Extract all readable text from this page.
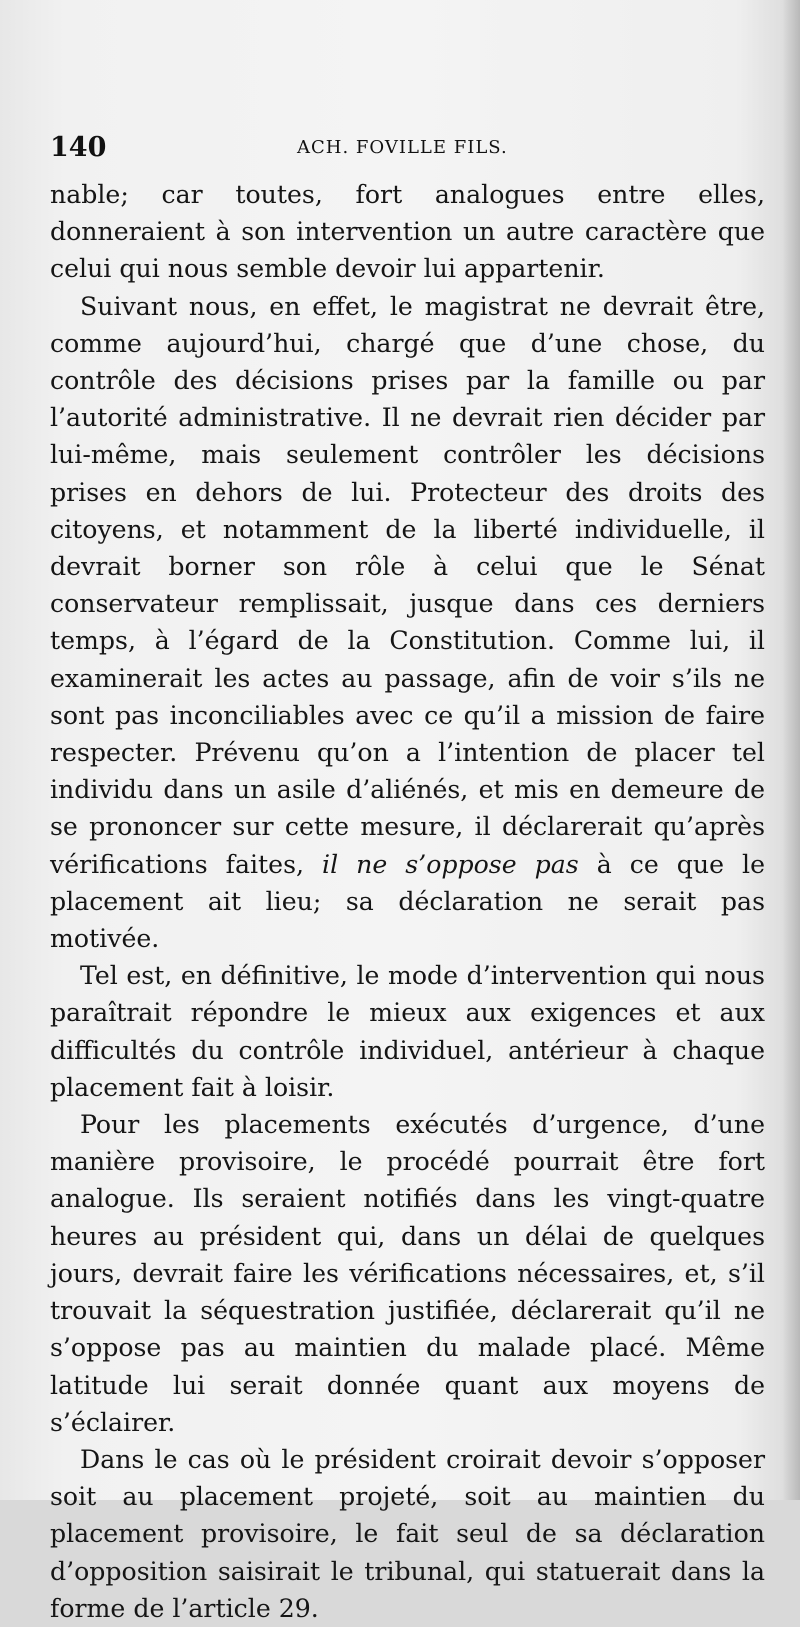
140	ACH. FOVILLE FILS.

nable; car toutes, fort analogues entre elles, donneraient à son intervention un autre caractère que celui qui nous semble devoir lui appartenir.

Suivant nous, en effet, le magistrat ne devrait être, comme aujourd’hui, chargé que d’une chose, du contrôle des décisions prises par la famille ou par l’autorité administrative. Il ne devrait rien décider par lui-même, mais seulement contrôler les décisions prises en dehors de lui. Protecteur des droits des citoyens, et notamment de la liberté individuelle, il devrait borner son rôle à celui que le Sénat conservateur remplissait, jusque dans ces derniers temps, à l’égard de la Constitution. Comme lui, il examinerait les actes au passage, afin de voir s’ils ne sont pas inconciliables avec ce qu’il a mission de faire respecter. Prévenu qu’on a l’intention de placer tel individu dans un asile d’aliénés, et mis en demeure de se prononcer sur cette mesure, il déclarerait qu’après vérifications faites, il ne s’oppose pas à ce que le placement ait lieu; sa déclaration ne serait pas motivée.

Tel est, en définitive, le mode d’intervention qui nous paraîtrait répondre le mieux aux exigences et aux difficultés du contrôle individuel, antérieur à chaque placement fait à loisir.

Pour les placements exécutés d’urgence, d’une manière provisoire, le procédé pourrait être fort analogue. Ils seraient notifiés dans les vingt-quatre heures au président qui, dans un délai de quelques jours, devrait faire les vérifications nécessaires, et, s’il trouvait la séquestration justifiée, déclarerait qu’il ne s’oppose pas au maintien du malade placé. Même latitude lui serait donnée quant aux moyens de s’éclairer.

Dans le cas où le président croirait devoir s’opposer soit au placement projeté, soit au maintien du placement provisoire, le fait seul de sa déclaration d’opposition saisirait le tribunal, qui statuerait dans la forme de l’article 29.
